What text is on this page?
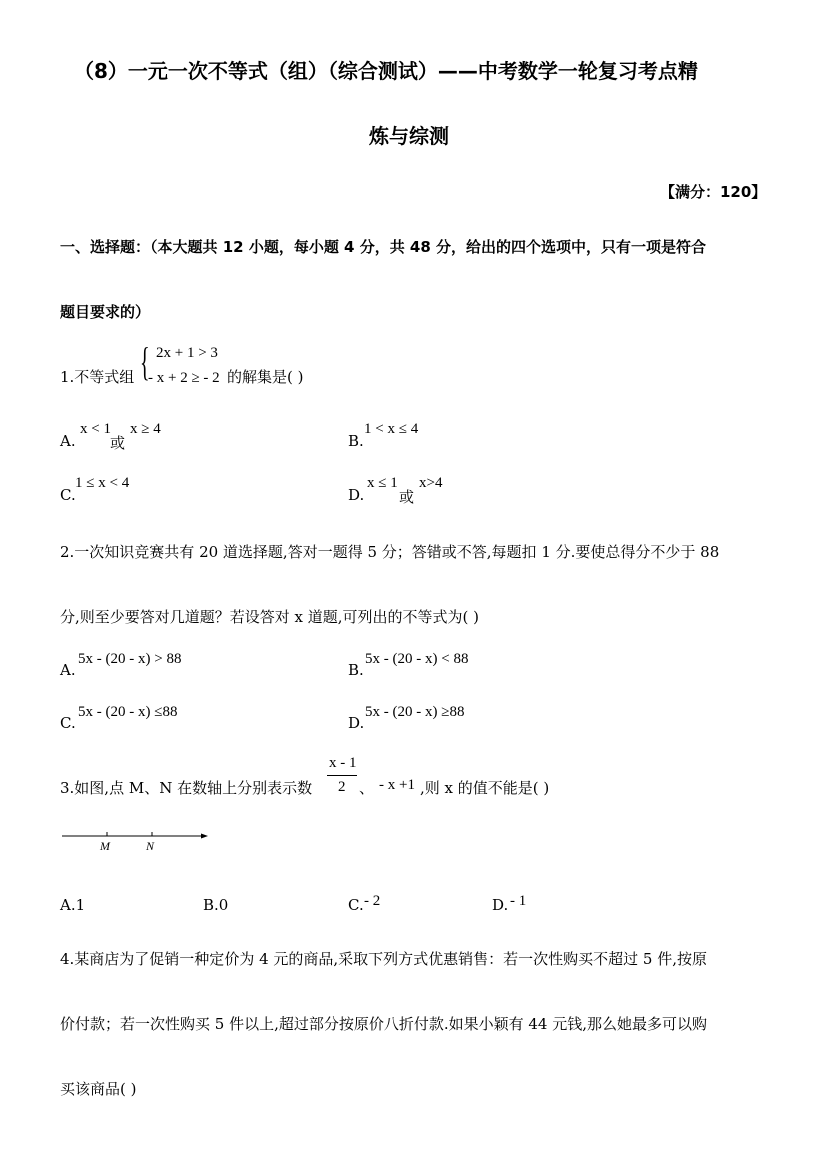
（8）一元一次不等式（组）（综合测试）——中考数学一轮复习考点精
炼与综测
【满分：120】
一、选择题：（本大题共 12 小题，每小题 4 分，共 48 分，给出的四个选项中，只有一项是符合
题目要求的）
1.不等式组 { 2x + 1 > 3
- x + 2 ≥ - 2 的解集是( )
A.
x < 1
或
x ≥ 4
B.
1 < x ≤ 4
C.
1 ≤ x < 4
D.
x ≤ 1
或
x>4
2.一次知识竞赛共有 20 道选择题,答对一题得 5 分；答错或不答,每题扣 1 分.要使总得分不少于 88
分,则至少要答对几道题？若设答对 x 道题,可列出的不等式为( )
A.
5x - (20 - x) > 88
B.
5x - (20 - x) < 88
C.
5x - (20 - x) ≤88
D.
5x - (20 - x) ≥88
3.如图,点 M、N 在数轴上分别表示数
x - 1
2 、 - x +1 ,则 x 的值不能是( )
M	N
A.1	B.0	C. - 2	D. - 1
4.某商店为了促销一种定价为 4 元的商品,采取下列方式优惠销售：若一次性购买不超过 5 件,按原
价付款；若一次性购买 5 件以上,超过部分按原价八折付款.如果小颖有 44 元钱,那么她最多可以购
买该商品( )
